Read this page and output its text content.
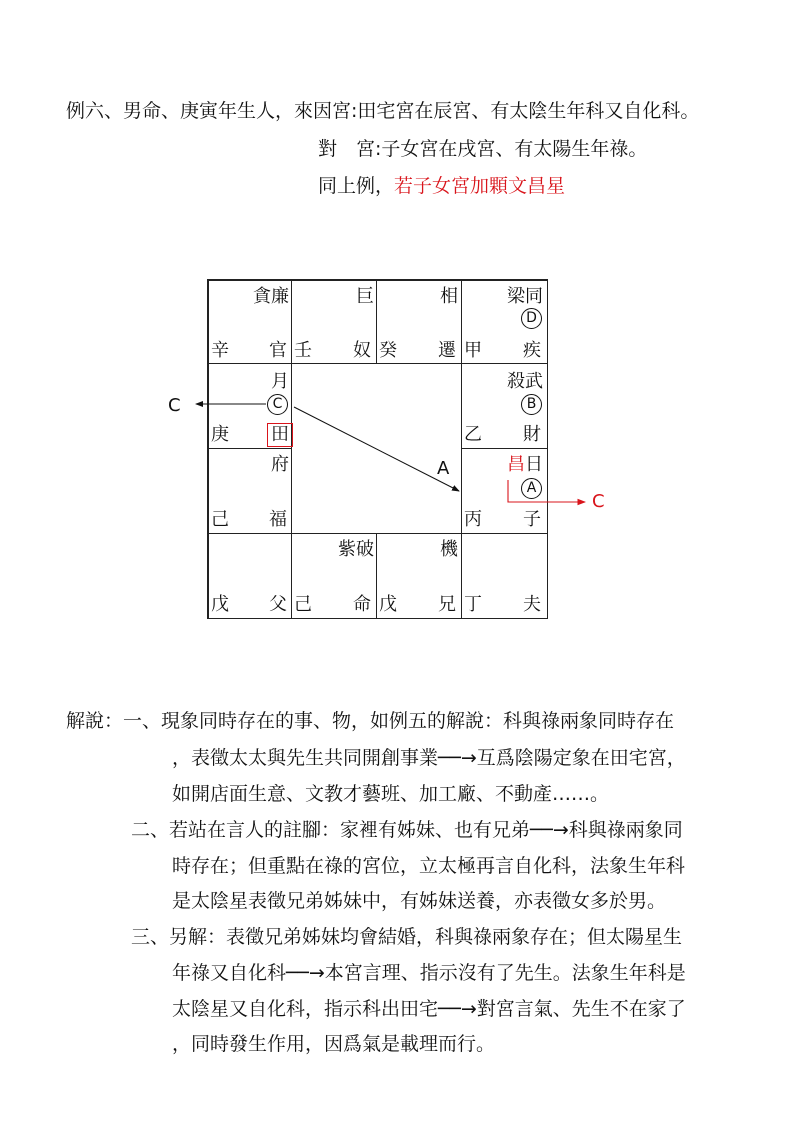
例六、男命、庚寅年生人，來因宮:田宅宮在辰宮、有太陰生年科又自化科。
對　宮:子女宮在戌宮、有太陽生年祿。
同上例，若子女宮加顆文昌星
貪廉
辛 官
巨
壬 奴
相
癸 遷
梁同
D
甲 疾
月
C
庚 田
殺武
B
乙 財
府
己 福
昌日
A
丙 子
戊 父
紫破
己 命
機
戊 兄 丁 夫
C
A
C
解說：一、現象同時存在的事、物，如例五的解說：科與祿兩象同時存在
，表徵太太與先生共同開創事業──→互爲陰陽定象在田宅宮，
如開店面生意、文教才藝班、加工廠、不動產‥‥‥。
二、若站在言人的註腳：家裡有姊妹、也有兄弟──→科與祿兩象同
時存在；但重點在祿的宮位，立太極再言自化科，法象生年科
是太陰星表徵兄弟姊妹中，有姊妹送養，亦表徵女多於男。
三、另解：表徵兄弟姊妹均會結婚，科與祿兩象存在；但太陽星生
年祿又自化科──→本宮言理、指示沒有了先生。法象生年科是
太陰星又自化科，指示科出田宅──→對宮言氣、先生不在家了
，同時發生作用，因爲氣是載理而行。
